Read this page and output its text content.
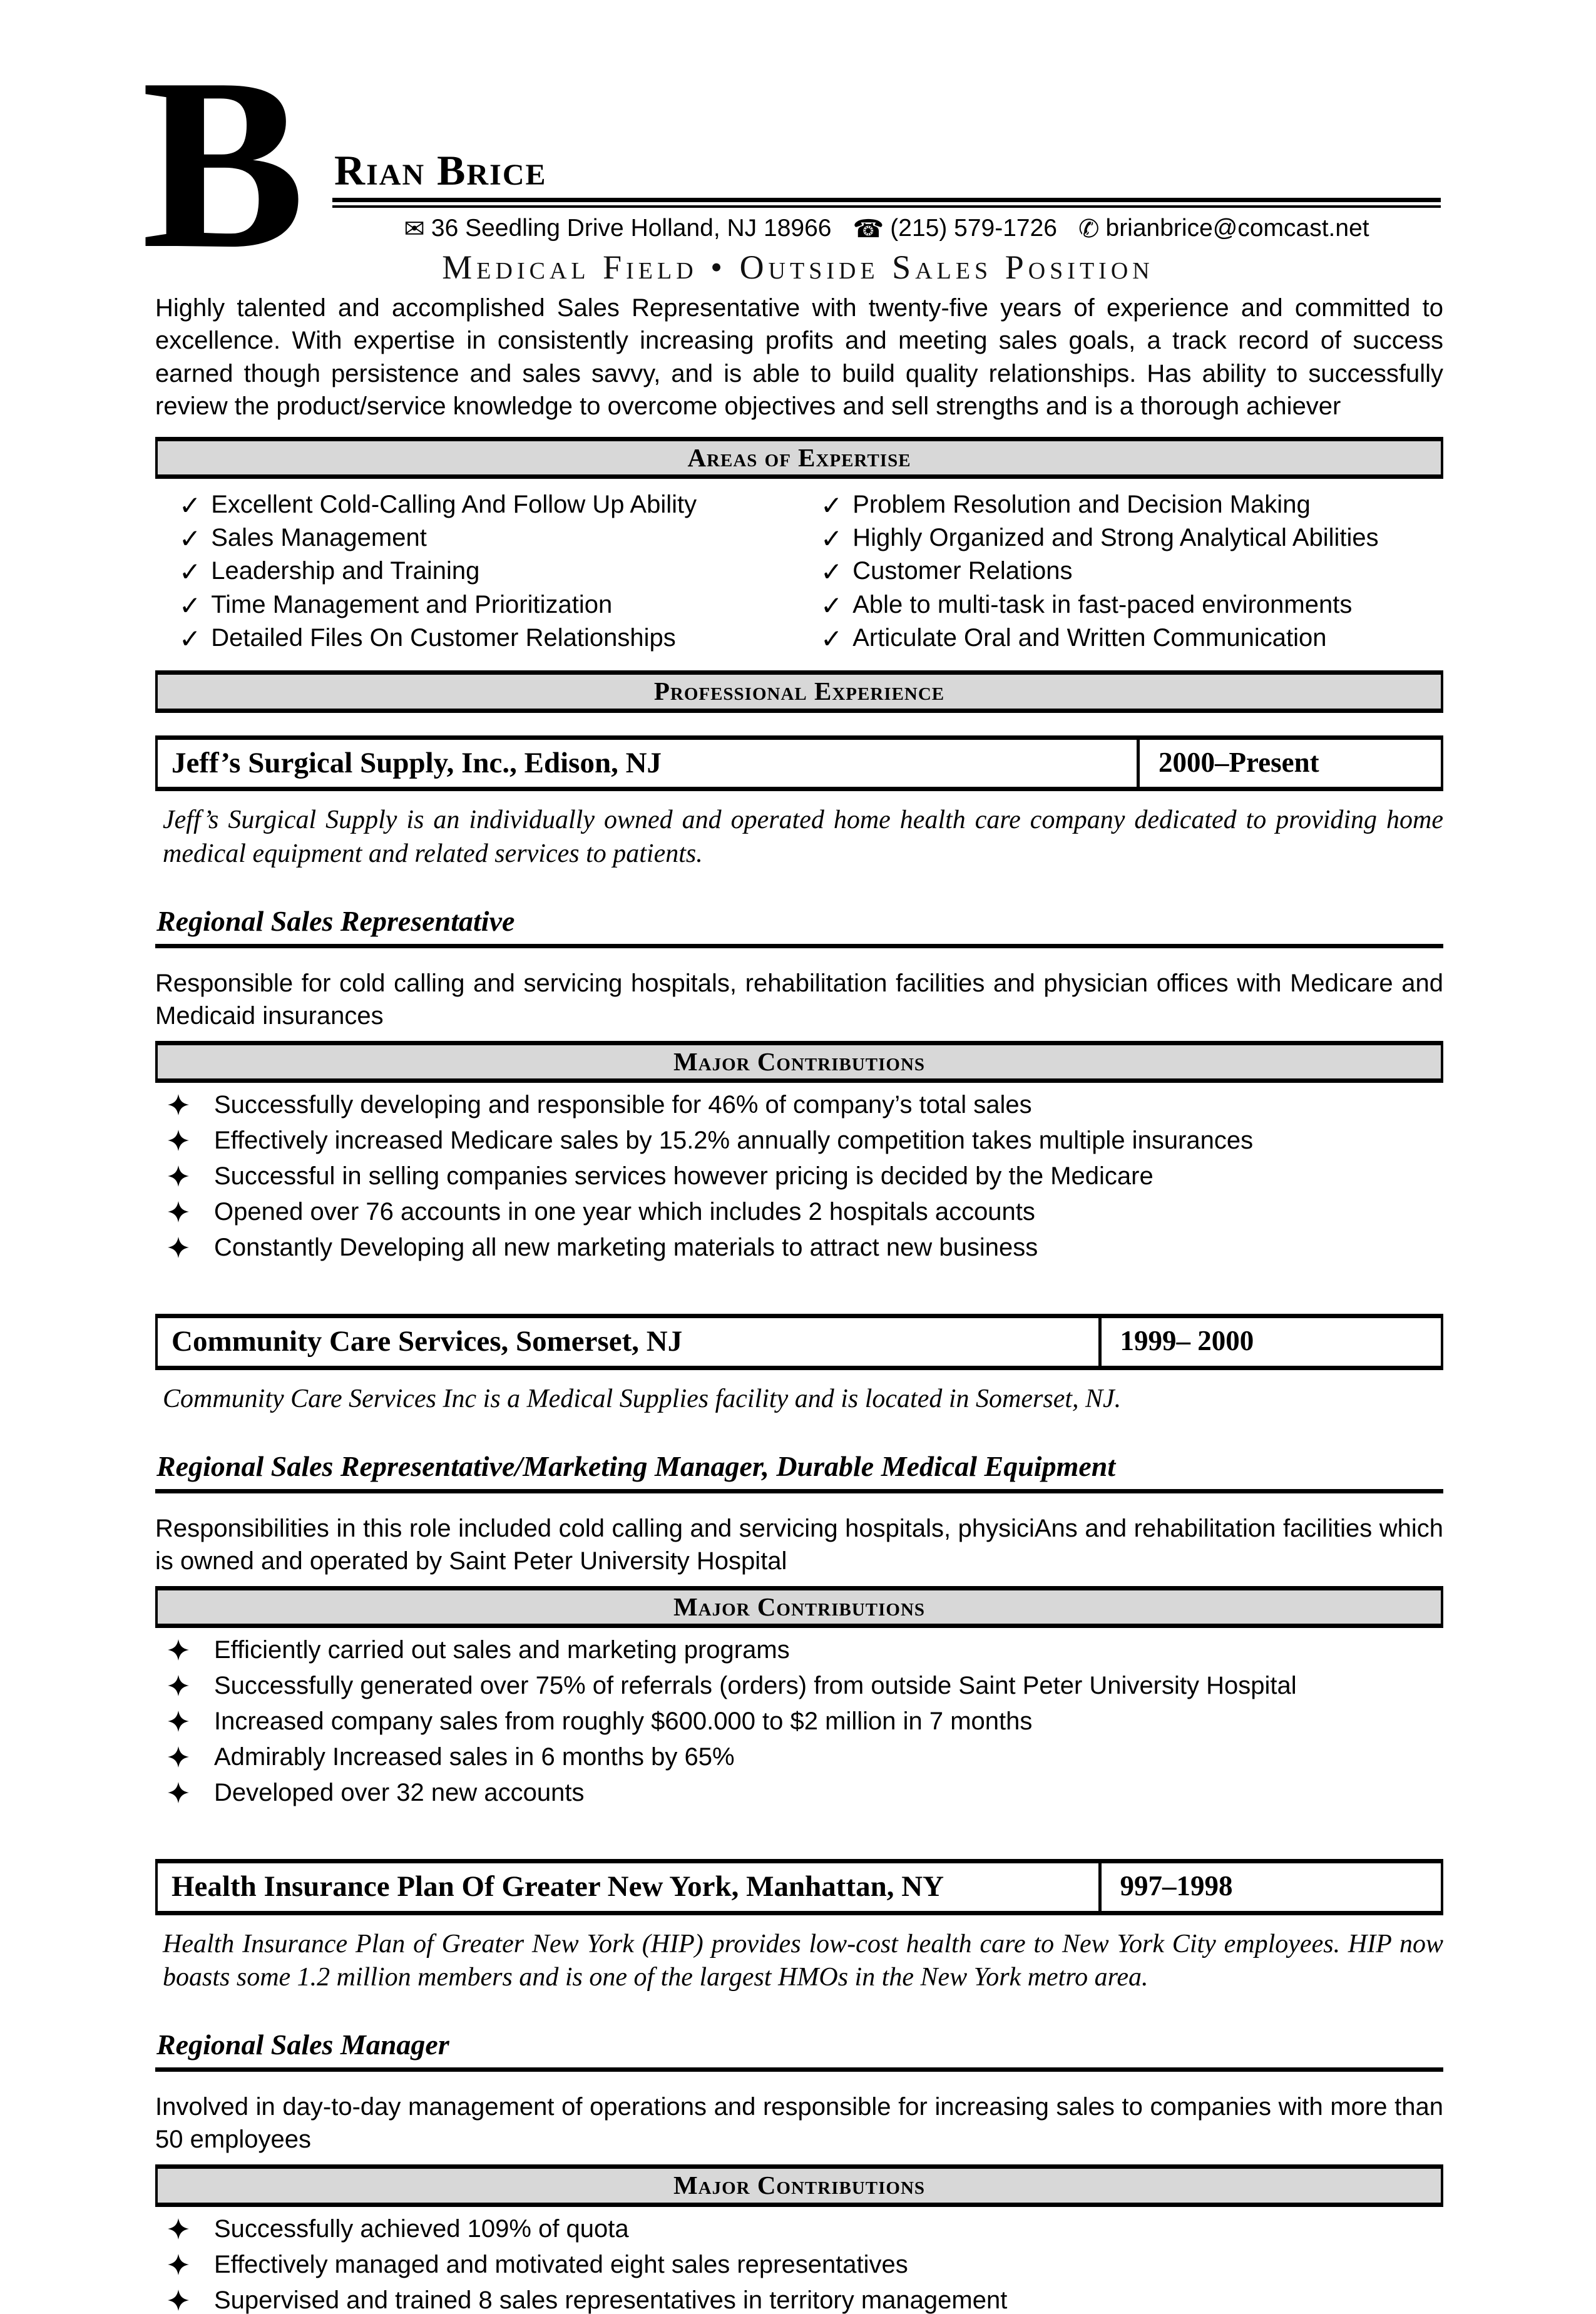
B Rian Brice
✉ 36 Seedling Drive Holland, NJ 18966 ☎ (215) 579-1726 ✆ brianbrice@comcast.net
Medical Field • Outside Sales Position
Highly talented and accomplished Sales Representative with twenty-five years of experience and committed to excellence. With expertise in consistently increasing profits and meeting sales goals, a track record of success earned though persistence and sales savvy, and is able to build quality relationships. Has ability to successfully review the product/service knowledge to overcome objectives and sell strengths and is a thorough achiever
Areas of Expertise
✓ Excellent Cold-Calling And Follow Up Ability
✓ Sales Management
✓ Leadership and Training
✓ Time Management and Prioritization
✓ Detailed Files On Customer Relationships
✓ Problem Resolution and Decision Making
✓ Highly Organized and Strong Analytical Abilities
✓ Customer Relations
✓ Able to multi-task in fast-paced environments
✓ Articulate Oral and Written Communication
Professional Experience
Jeff’s Surgical Supply, Inc., Edison, NJ	2000–Present
Jeff’s Surgical Supply is an individually owned and operated home health care company dedicated to providing home medical equipment and related services to patients.
Regional Sales Representative
Responsible for cold calling and servicing hospitals, rehabilitation facilities and physician offices with Medicare and Medicaid insurances
Major Contributions
Successfully developing and responsible for 46% of company’s total sales
Effectively increased Medicare sales by 15.2% annually competition takes multiple insurances
Successful in selling companies services however pricing is decided by the Medicare
Opened over 76 accounts in one year which includes 2 hospitals accounts
Constantly Developing all new marketing materials to attract new business
Community Care Services, Somerset, NJ	1999– 2000
Community Care Services Inc is a Medical Supplies facility and is located in Somerset, NJ.
Regional Sales Representative/Marketing Manager, Durable Medical Equipment
Responsibilities in this role included cold calling and servicing hospitals, physiciAns and rehabilitation facilities which is owned and operated by Saint Peter University Hospital
Major Contributions
Efficiently carried out sales and marketing programs
Successfully generated over 75% of referrals (orders) from outside Saint Peter University Hospital
Increased company sales from roughly $600.000 to $2 million in 7 months
Admirably Increased sales in 6 months by 65%
Developed over 32 new accounts
Health Insurance Plan Of Greater New York, Manhattan, NY	997–1998
Health Insurance Plan of Greater New York (HIP) provides low-cost health care to New York City employees. HIP now boasts some 1.2 million members and is one of the largest HMOs in the New York metro area.
Regional Sales Manager
Involved in day-to-day management of operations and responsible for increasing sales to companies with more than 50 employees
Major Contributions
Successfully achieved 109% of quota
Effectively managed and motivated eight sales representatives
Supervised and trained 8 sales representatives in territory management
